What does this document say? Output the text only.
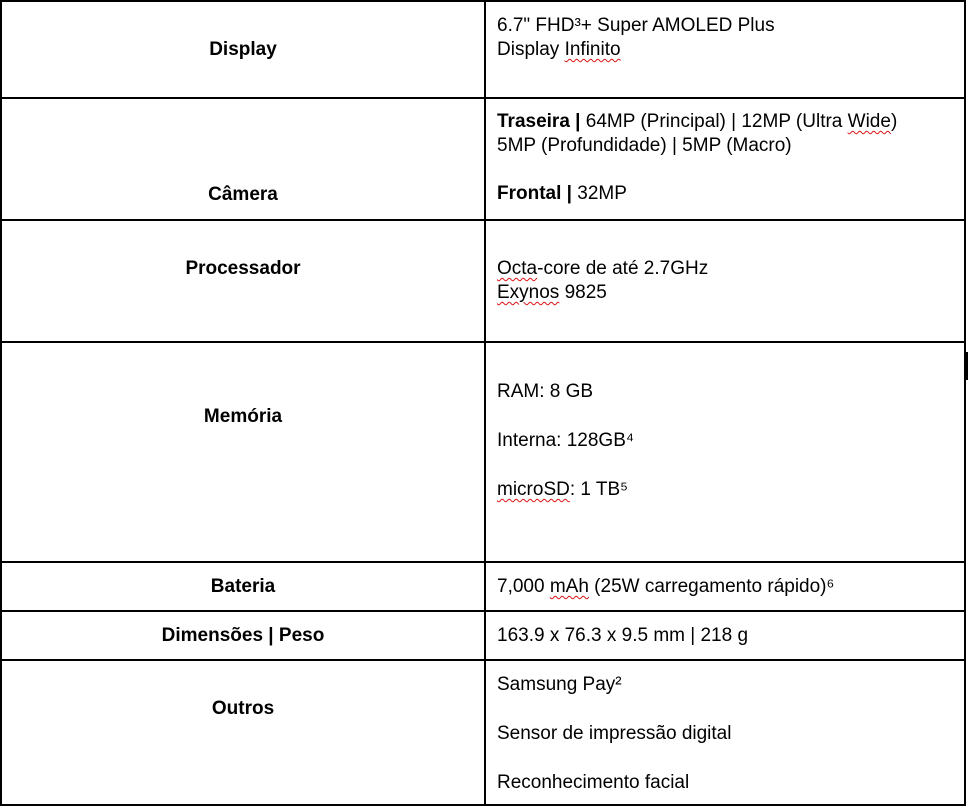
Display	6.7" FHD³+ Super AMOLED Plus
Display Infinito

Câmera	Traseira | 64MP (Principal) | 12MP (Ultra Wide)
5MP (Profundidade) | 5MP (Macro)
Frontal | 32MP

Processador	Octa-core de até 2.7GHz
Exynos 9825

Memória	RAM: 8 GB
Interna: 128GB⁴
microSD: 1 TB⁵

Bateria	7,000 mAh (25W carregamento rápido)⁶

Dimensões | Peso	163.9 x 76.3 x 9.5 mm | 218 g

Outros	Samsung Pay²
Sensor de impressão digital
Reconhecimento facial
